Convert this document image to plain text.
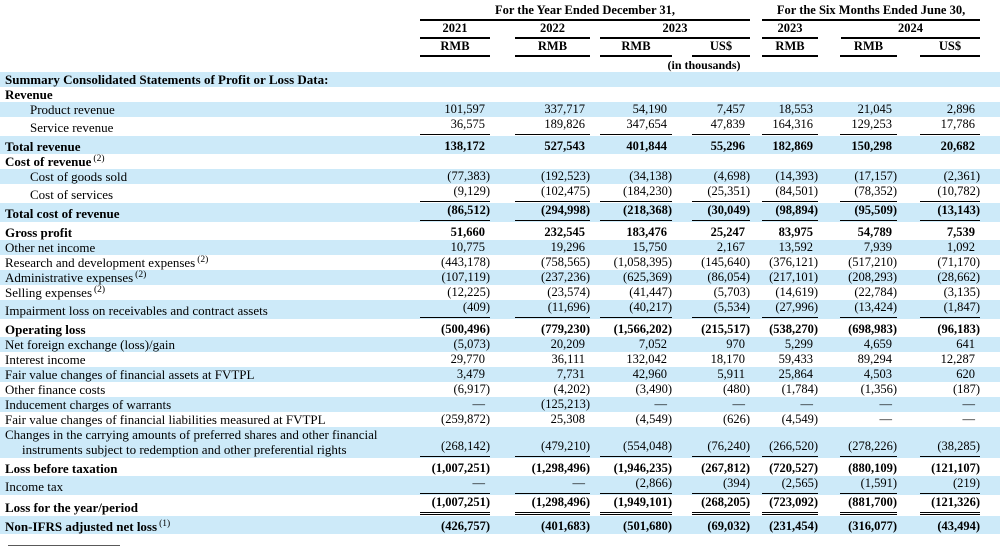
	For the Year Ended December 31,				For the Six Months Ended June 30,		

	2021	2022	2023		2023	2024	

	RMB	RMB	RMB	US$	RMB	RMB	US$

			(in thousands)				

Summary Consolidated Statements of Profit or Loss Data:							

Revenue							

Product revenue	101,597	337,717	54,190	7,457	18,553	21,045	2,896

Service revenue	36,575	189,826	347,654	47,839	164,316	129,253	17,786

Total revenue	138,172	527,543	401,844	55,296	182,869	150,298	20,682

Cost of revenue $^{(2)}$

Cost of goods sold	(77,383)	(192,523)	(34,138)	(4,698)	(14,393)	(17,157)	(2,361)

Cost of services	(9,129)	(102,475)	(184,230)	(25,351)	(84,501)	(78,352)	(10,782)

Total cost of revenue	(86,512)	(294,998)	(218,368)	(30,049)	(98,894)	(95,509)	(13,143)

Gross profit	51,660	232,545	183,476	25,247	83,975	54,789	7,539

Other net income	10,775	19,296	15,750	2,167	13,592	7,939	1,092

Research and development expenses $^{(2)}$	(443,178)	(758,565)	(1,058,395)	(145,640)	(376,121)	(517,210)	(71,170)

Administrative expenses $^{(2)}$	(107,119)	(237,236)	(625,369)	(86,054)	(217,101)	(208,293)	(28,662)

Selling expenses $^{(2)}$	(12,225)	(23,574)	(41,447)	(5,703)	(14,619)	(22,784)	(3,135)

Impairment loss on receivables and contract assets	(409)	(11,696)	(40,217)	(5,534)	(27,996)	(13,424)	(1,847)

Operating loss	(500,496)	(779,230)	(1,566,202)	(215,517)	(538,270)	(698,983)	(96,183)

Net foreign exchange (loss)/gain	(5,073)	20,209	7,052	970	5,299	4,659	641

Interest income	29,770	36,111	132,042	18,170	59,433	89,294	12,287

Fair value changes of financial assets at FVTPL	3,479	7,731	42,960	5,911	25,864	4,503	620

Other finance costs	(6,917)	(4,202)	(3,490)	(480)	(1,784)	(1,356)	(187)

Inducement charges of warrants	—	(125,213)	—	—	—	—	—

Fair value changes of financial liabilities measured at FVTPL	(259,872)	25,308	(4,549)	(626)	(4,549)	—	—

Changes in the carrying amounts of preferred shares and other financial
instruments subject to redemption and other preferential rights	(268,142)	(479,210)	(554,048)	(76,240)	(266,520)	(278,226)	(38,285)

Loss before taxation	(1,007,251)	(1,298,496)	(1,946,235)	(267,812)	(720,527)	(880,109)	(121,107)

Income tax	—	—	(2,866)	(394)	(2,565)	(1,591)	(219)

Loss for the year/period	(1,007,251)	(1,298,496)	(1,949,101)	(268,205)	(723,092)	(881,700)	(121,326)

Non-IFRS adjusted net loss $^{(1)}$	(426,757)	(401,683)	(501,680)	(69,032)	(231,454)	(316,077)	(43,494)
